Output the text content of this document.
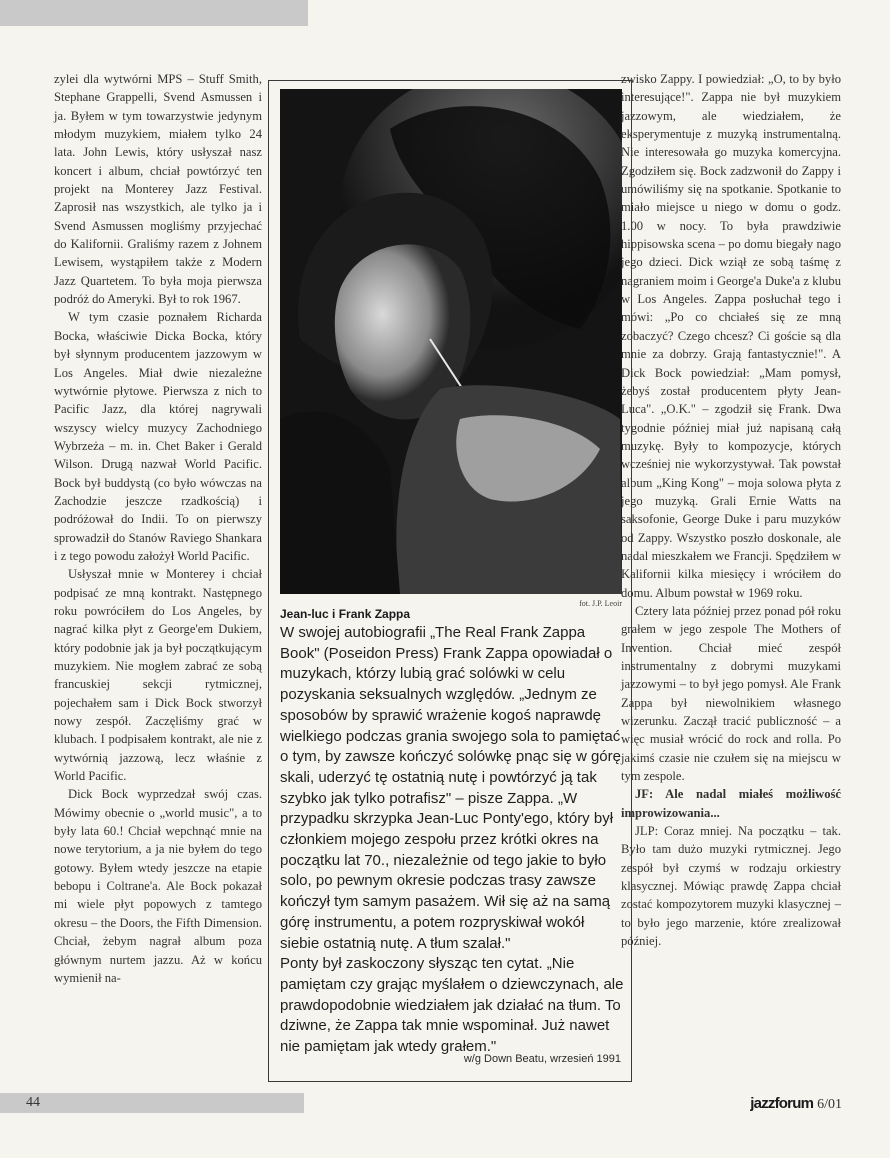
zylei dla wytwórni MPS – Stuff Smith, Stephane Grappelli, Svend Asmussen i ja. Byłem w tym towarzystwie jedynym młodym muzykiem, miałem tylko 24 lata. John Lewis, który usłyszał nasz koncert i album, chciał powtórzyć ten projekt na Monterey Jazz Festival. Zaprosił nas wszystkich, ale tylko ja i Svend Asmussen mogliśmy przyjechać do Kalifornii. Graliśmy razem z Johnem Lewisem, wystąpiłem także z Modern Jazz Quartetem. To była moja pierwsza podróż do Ameryki. Był to rok 1967.

W tym czasie poznałem Richarda Bocka, właściwie Dicka Bocka, który był słynnym producentem jazzowym w Los Angeles. Miał dwie niezależne wytwórnie płytowe. Pierwsza z nich to Pacific Jazz, dla której nagrywali wszyscy wielcy muzycy Zachodniego Wybrzeża – m. in. Chet Baker i Gerald Wilson. Drugą nazwał World Pacific. Bock był buddystą (co było wówczas na Zachodzie jeszcze rzadkością) i podróżował do Indii. To on pierwszy sprowadził do Stanów Raviego Shankara i z tego powodu założył World Pacific.

Usłyszał mnie w Monterey i chciał podpisać ze mną kontrakt. Następnego roku powróciłem do Los Angeles, by nagrać kilka płyt z George'em Dukiem, który podobnie jak ja był początkującym muzykiem. Nie mogłem zabrać ze sobą francuskiej sekcji rytmicznej, pojechałem sam i Dick Bock stworzył nowy zespół. Zaczęliśmy grać w klubach. I podpisałem kontrakt, ale nie z wytwórnią jazzową, lecz właśnie z World Pacific.

Dick Bock wyprzedzał swój czas. Mówimy obecnie o „world music", a to były lata 60.! Chciał wepchnąć mnie na nowe terytorium, a ja nie byłem do tego gotowy. Byłem wtedy jeszcze na etapie bebopu i Coltrane'a. Ale Bock pokazał mi wiele płyt popowych z tamtego okresu – the Doors, the Fifth Dimension. Chciał, żebym nagrał album poza głównym nurtem jazzu. Aż w końcu wymienił na-

Jean-luc i Frank Zappa
fot. J.P. Leoir

W swojej autobiografii „The Real Frank Zappa Book" (Poseidon Press) Frank Zappa opowiadał o muzykach, którzy lubią grać solówki w celu pozyskania seksualnych względów. „Jednym ze sposobów by sprawić wrażenie kogoś naprawdę wielkiego podczas grania swojego sola to pamiętać o tym, by zawsze kończyć solówkę pnąc się w górę skali, uderzyć tę ostatnią nutę i powtórzyć ją tak szybko jak tylko potrafisz" – pisze Zappa. „W przypadku skrzypka Jean-Luc Ponty'ego, który był członkiem mojego zespołu przez krótki okres na początku lat 70., niezależnie od tego jakie to było solo, po pewnym okresie podczas trasy zawsze kończył tym samym pasażem. Wił się aż na samą górę instrumentu, a potem rozpryskiwał wokół siebie ostatnią nutę. A tłum szalał."

Ponty był zaskoczony słysząc ten cytat. „Nie pamiętam czy grając myślałem o dziewczynach, ale prawdopodobnie wiedziałem jak działać na tłum. To dziwne, że Zappa tak mnie wspominał. Już nawet nie pamiętam jak wtedy grałem."

w/g Down Beatu, wrzesień 1991

zwisko Zappy. I powiedział: „O, to by było interesujące!". Zappa nie był muzykiem jazzowym, ale wiedziałem, że eksperymentuje z muzyką instrumentalną. Nie interesowała go muzyka komercyjna. Zgodziłem się. Bock zadzwonił do Zappy i umówiliśmy się na spotkanie. Spotkanie to miało miejsce u niego w domu o godz. 1.00 w nocy. To była prawdziwie hippisowska scena – po domu biegały nago jego dzieci. Dick wziął ze sobą taśmę z nagraniem moim i George'a Duke'a z klubu w Los Angeles. Zappa posłuchał tego i mówi: „Po co chciałeś się ze mną zobaczyć? Czego chcesz? Ci goście są dla mnie za dobrzy. Grają fantastycznie!". A Dick Bock powiedział: „Mam pomysł, żebyś został producentem płyty Jean-Luca". „O.K." – zgodził się Frank. Dwa tygodnie później miał już napisaną całą muzykę. Były to kompozycje, których wcześniej nie wykorzystywał. Tak powstał album „King Kong" – moja solowa płyta z jego muzyką. Grali Ernie Watts na saksofonie, George Duke i paru muzyków od Zappy. Wszystko poszło doskonale, ale nadal mieszkałem we Francji. Spędziłem w Kalifornii kilka miesięcy i wróciłem do domu. Album powstał w 1969 roku.

Cztery lata później przez ponad pół roku grałem w jego zespole The Mothers of Invention. Chciał mieć zespół instrumentalny z dobrymi muzykami jazzowymi – to był jego pomysł. Ale Frank Zappa był niewolnikiem własnego wizerunku. Zaczął tracić publiczność – a więc musiał wrócić do rock and rolla. Po jakimś czasie nie czułem się na miejscu w tym zespole.

JF: Ale nadal miałeś możliwość improwizowania...

JLP: Coraz mniej. Na początku – tak. Było tam dużo muzyki rytmicznej. Jego zespół był czymś w rodzaju orkiestry klasycznej. Mówiąc prawdę Zappa chciał zostać kompozytorem muzyki klasycznej – to było jego marzenie, które zrealizował później.

44	jazzforum 6/01
